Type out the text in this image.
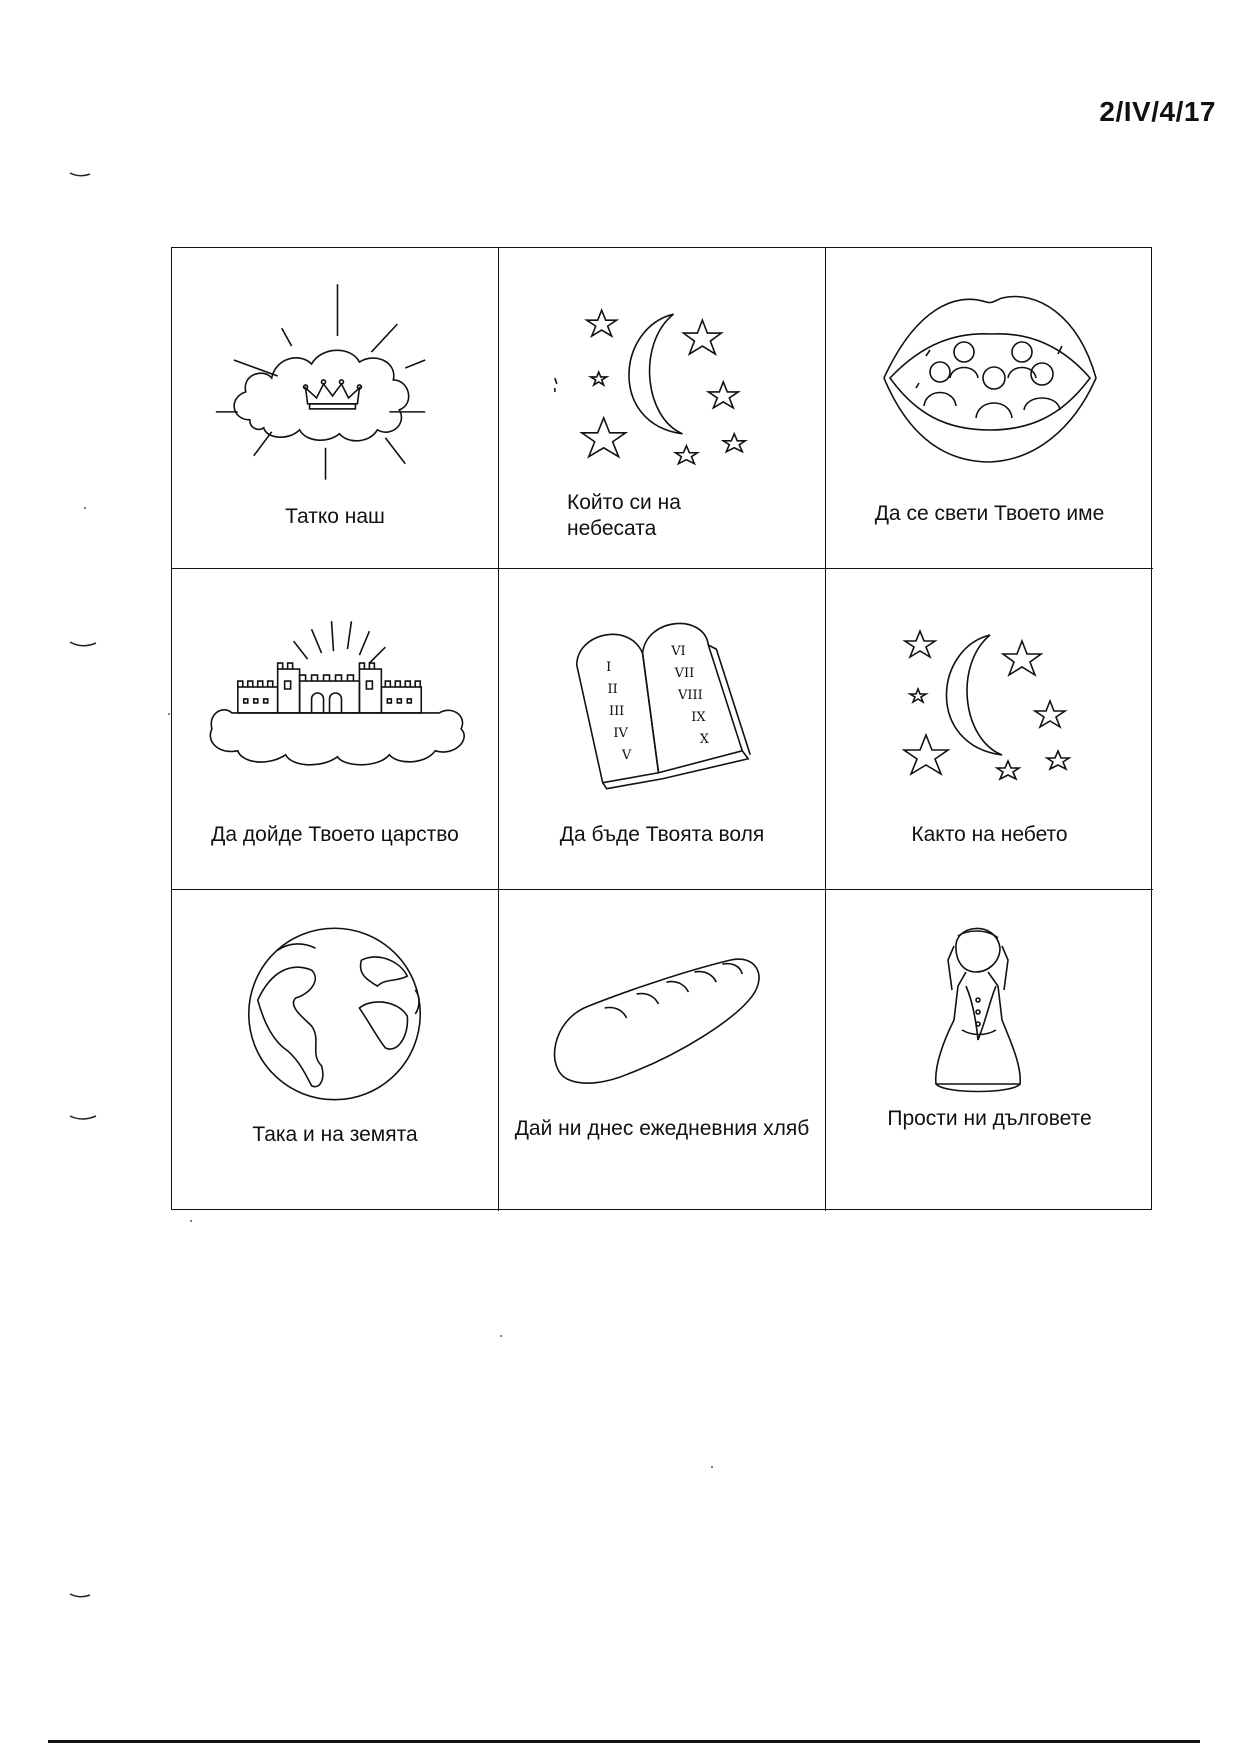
2/IV/4/17
Татко наш
Който си на
небесата
Да се свети Твоето име
Да дойде Твоето царство
I
II
III
IV
V
VI
VII
VIII
IX
X
Да бъде Твоята воля	Както на небето
Така и на земята	Дай ни днес ежедневния хляб	Прости ни дълговете
